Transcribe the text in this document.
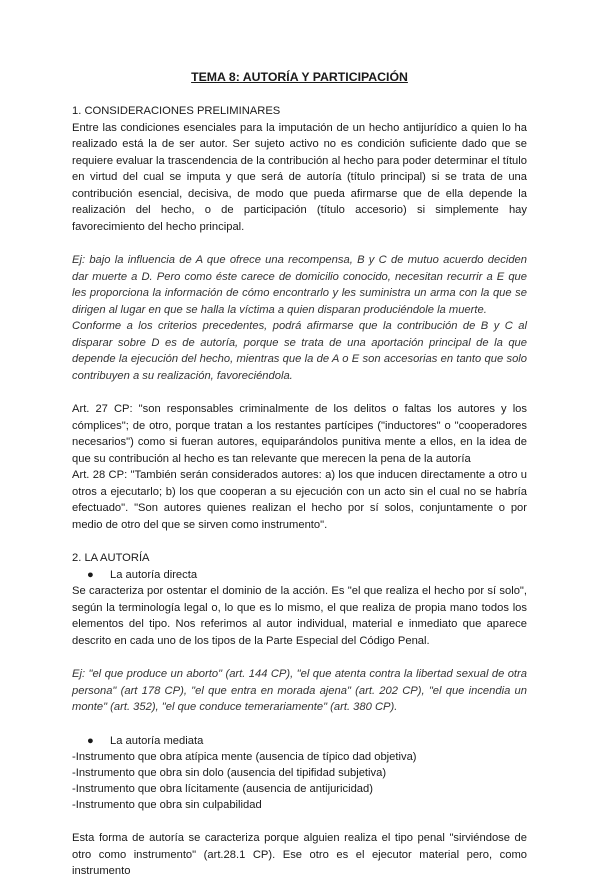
TEMA 8: AUTORÍA Y PARTICIPACIÓN

1. CONSIDERACIONES PRELIMINARES

Entre las condiciones esenciales para la imputación de un hecho antijurídico a quien lo ha realizado está la de ser autor. Ser sujeto activo no es condición suficiente dado que se requiere evaluar la trascendencia de la contribución al hecho para poder determinar el título en virtud del cual se imputa y que será de autoría (título principal) si se trata de una contribución esencial, decisiva, de modo que pueda afirmarse que de ella depende la realización del hecho, o de participación (título accesorio) si simplemente hay favorecimiento del hecho principal.

Ej: bajo la influencia de A que ofrece una recompensa, B y C de mutuo acuerdo deciden dar muerte a D. Pero como éste carece de domicilio conocido, necesitan recurrir a E que les proporciona la información de cómo encontrarlo y les suministra un arma con la que se dirigen al lugar en que se halla la víctima a quien disparan produciéndole la muerte.

Conforme a los criterios precedentes, podrá afirmarse que la contribución de B y C al disparar sobre D es de autoría, porque se trata de una aportación principal de la que depende la ejecución del hecho, mientras que la de A o E son accesorias en tanto que solo contribuyen a su realización, favoreciéndola.

Art. 27 CP: "son responsables criminalmente de los delitos o faltas los autores y los cómplices"; de otro, porque tratan a los restantes partícipes ("inductores" o "cooperadores necesarios") como si fueran autores, equiparándolos punitiva mente a ellos, en la idea de que su contribución al hecho es tan relevante que merecen la pena de la autoría

Art. 28 CP: "También serán considerados autores: a) los que inducen directamente a otro u otros a ejecutarlo; b) los que cooperan a su ejecución con un acto sin el cual no se habría efectuado". "Son autores quienes realizan el hecho por sí solos, conjuntamente o por medio de otro del que se sirven como instrumento".

2. LA AUTORÍA

● La autoría directa

Se caracteriza por ostentar el dominio de la acción. Es "el que realiza el hecho por sí solo", según la terminología legal o, lo que es lo mismo, el que realiza de propia mano todos los elementos del tipo. Nos referimos al autor individual, material e inmediato que aparece descrito en cada uno de los tipos de la Parte Especial del Código Penal.

Ej: "el que produce un aborto" (art. 144 CP), "el que atenta contra la libertad sexual de otra persona" (art 178 CP), "el que entra en morada ajena" (art. 202 CP), "el que incendia un monte" (art. 352), "el que conduce temerariamente" (art. 380 CP).

● La autoría mediata

-Instrumento que obra atípica mente (ausencia de típico dad objetiva)

-Instrumento que obra sin dolo (ausencia del tipifidad subjetiva)

-Instrumento que obra lícitamente (ausencia de antijuricidad)

-Instrumento que obra sin culpabilidad

Esta forma de autoría se caracteriza porque alguien realiza el tipo penal "sirviéndose de otro como instrumento" (art.28.1 CP). Ese otro es el ejecutor material pero, como instrumento
